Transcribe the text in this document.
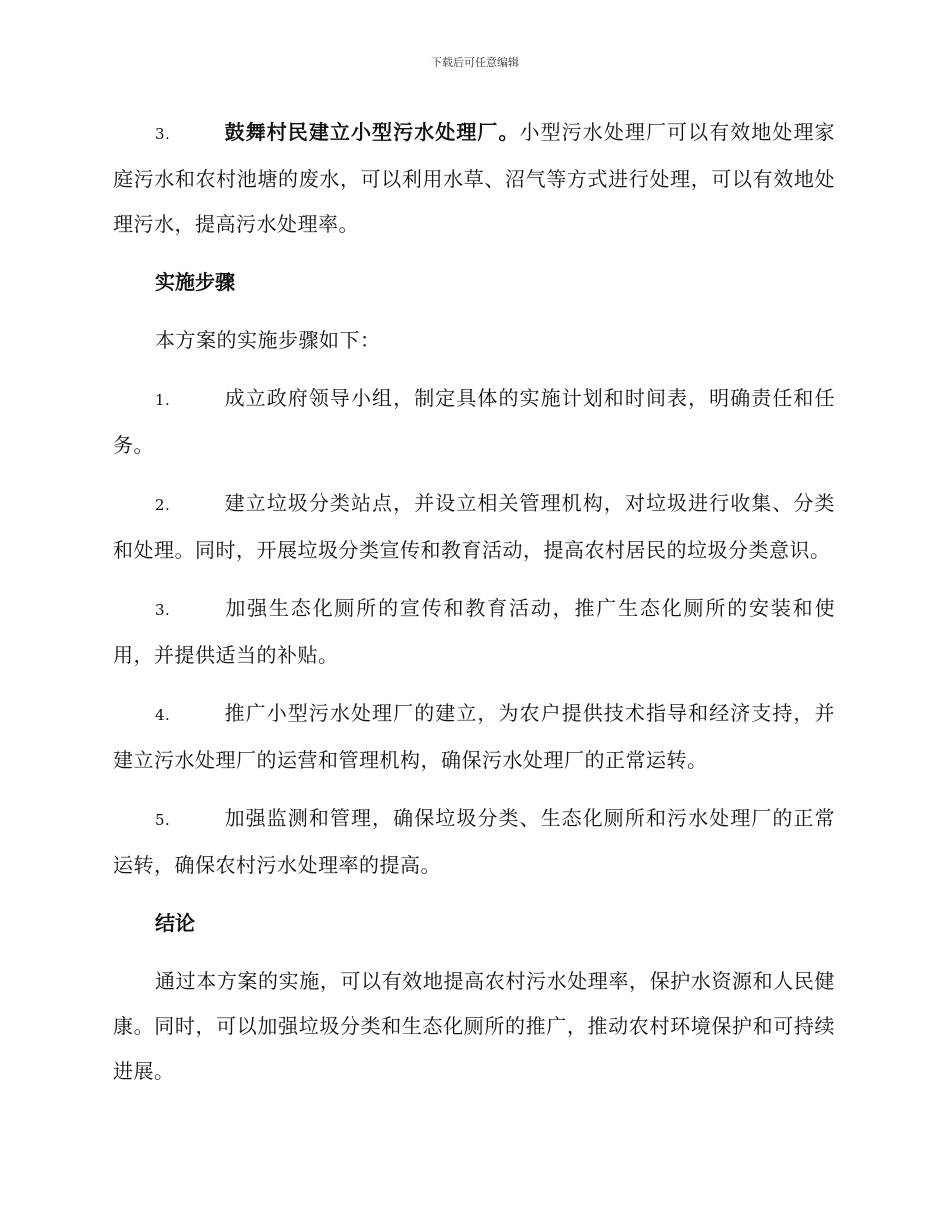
下载后可任意编辑

3.	鼓舞村民建立小型污水处理厂。小型污水处理厂可以有效地处理家庭污水和农村池塘的废水，可以利用水草、沼气等方式进行处理，可以有效地处理污水，提高污水处理率。

实施步骤

本方案的实施步骤如下：

1.	成立政府领导小组，制定具体的实施计划和时间表，明确责任和任务。

2.	建立垃圾分类站点，并设立相关管理机构，对垃圾进行收集、分类和处理。同时，开展垃圾分类宣传和教育活动，提高农村居民的垃圾分类意识。

3.	加强生态化厕所的宣传和教育活动，推广生态化厕所的安装和使用，并提供适当的补贴。

4.	推广小型污水处理厂的建立，为农户提供技术指导和经济支持，并建立污水处理厂的运营和管理机构，确保污水处理厂的正常运转。

5.	加强监测和管理，确保垃圾分类、生态化厕所和污水处理厂的正常运转，确保农村污水处理率的提高。

结论

通过本方案的实施，可以有效地提高农村污水处理率，保护水资源和人民健康。同时，可以加强垃圾分类和生态化厕所的推广，推动农村环境保护和可持续进展。
